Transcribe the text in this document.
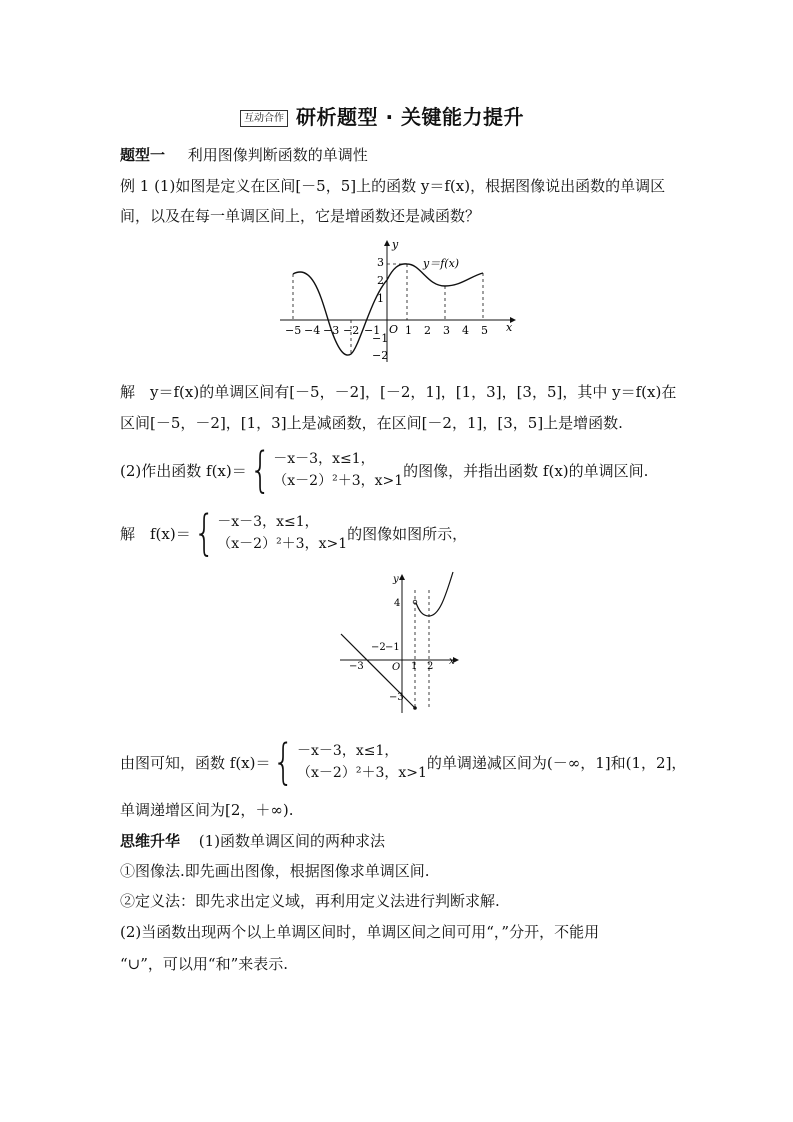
互动合作 研析题型 · 关键能力提升
题型一 利用图像判断函数的单调性
例 1 (1)如图是定义在区间[－5，5]上的函数 y＝f(x)，根据图像说出函数的单调区
间，以及在每一单调区间上，它是增函数还是减函数？
y
x
O
y＝f(x)
−5 −4 −3 −2 −1 1 2 3 4 5
3
2
1
−1
−2
解　y＝f(x)的单调区间有[－5，－2]，[－2，1]，[1，3]，[3，5]，其中 y＝f(x)在
区间[－5，－2]，[1，3]上是减函数，在区间[－2，1]，[3，5]上是增函数.
(2)作出函数 f(x)＝ { －x－3，x≤1，
（x－2）²＋3，x>1
的图像，并指出函数 f(x)的单调区间.
解　f(x)＝ { －x－3，x≤1，
（x－2）²＋3，x>1
的图像如图所示，
y
x
O
4
−3
−2 −1
1 2
−3
由图可知，函数 f(x)＝ { －x－3，x≤1，
（x－2）²＋3，x>1
的单调递减区间为(－∞，1]和(1，2]，
单调递增区间为[2，＋∞).
思维升华 (1)函数单调区间的两种求法
①图像法.即先画出图像，根据图像求单调区间.
②定义法：即先求出定义域，再利用定义法进行判断求解.
(2)当函数出现两个以上单调区间时，单调区间之间可用“，”分开，不能用
“∪”，可以用“和”来表示.
